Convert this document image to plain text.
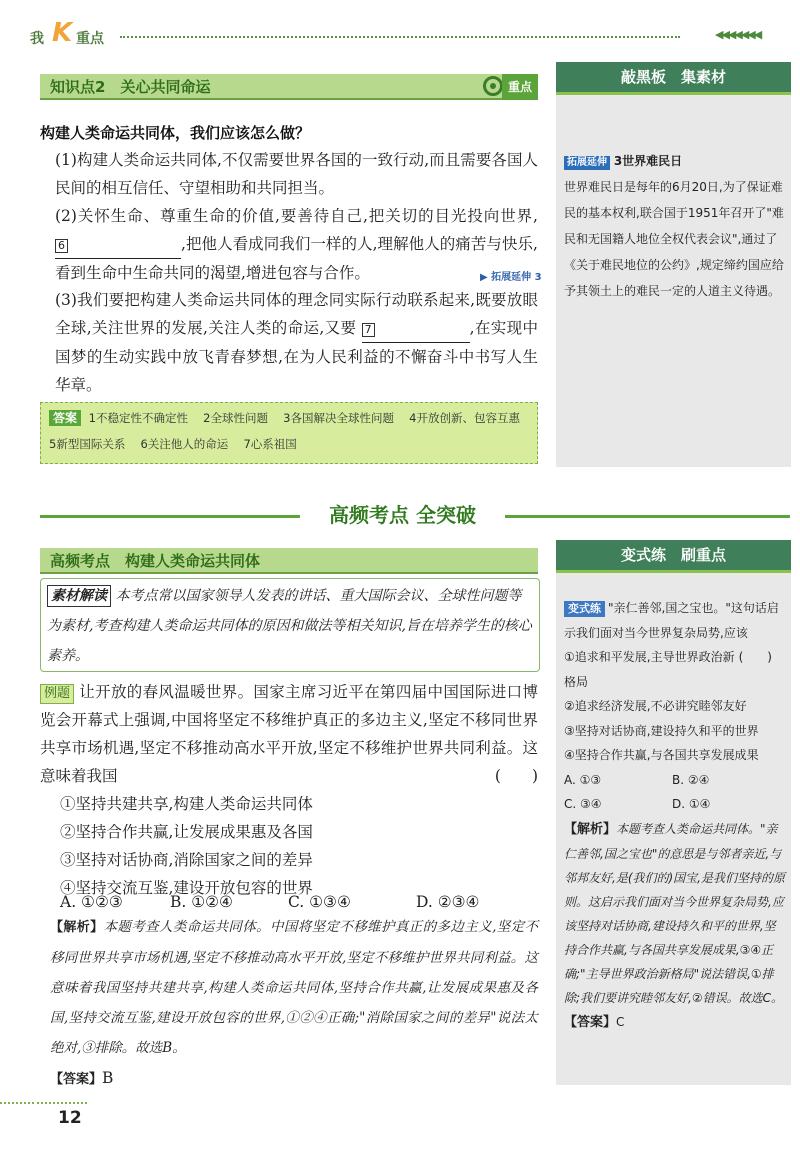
我 K 重点	◀◀◀◀◀◀◀
知识点2　关心共同命运	重点
构建人类命运共同体，我们应该怎么做？
(1)构建人类命运共同体,不仅需要世界各国的一致行动,而且需要各国人民间的相互信任、守望相助和共同担当。
(2)关怀生命、尊重生命的价值,要善待自己,把关切的目光投向世界, 6	,把他人看成同我们一样的人,理解他人的痛苦与快乐,看到生命中生命共同的渴望,增进包容与合作。	▶ 拓展延伸 3
(3)我们要把构建人类命运共同体的理念同实际行动联系起来,既要放眼全球,关注世界的发展,关注人类的命运,又要 7	,在实现中国梦的生动实践中放飞青春梦想,在为人民利益的不懈奋斗中书写人生华章。
答案 1不稳定性不确定性　 2全球性问题　 3各国解决全球性问题　 4开放创新、包容互惠　 5新型国际关系　 6关注他人的命运　 7心系祖国
敲黑板　集素材
拓展延伸 3世界难民日
世界难民日是每年的6月20日,为了保证难民的基本权利,联合国于1951年召开了"难民和无国籍人地位全权代表会议",通过了《关于难民地位的公约》,规定缔约国应给予其领土上的难民一定的人道主义待遇。
高频考点 全突破
高频考点　构建人类命运共同体
素材解读 本考点常以国家领导人发表的讲话、重大国际会议、全球性问题等为素材,考查构建人类命运共同体的原因和做法等相关知识,旨在培养学生的核心素养。
例题 让开放的春风温暖世界。国家主席习近平在第四届中国国际进口博览会开幕式上强调,中国将坚定不移维护真正的多边主义,坚定不移同世界共享市场机遇,坚定不移推动高水平开放,坚定不移维护世界共同利益。这意味着我国	(　　)
①坚持共建共享,构建人类命运共同体
②坚持合作共赢,让发展成果惠及各国
③坚持对话协商,消除国家之间的差异
④坚持交流互鉴,建设开放包容的世界
A. ①②③	B. ①②④	C. ①③④	D. ②③④
【解析】本题考查人类命运共同体。中国将坚定不移维护真正的多边主义,坚定不移同世界共享市场机遇,坚定不移推动高水平开放,坚定不移维护世界共同利益。这意味着我国坚持共建共享,构建人类命运共同体,坚持合作共赢,让发展成果惠及各国,坚持交流互鉴,建设开放包容的世界,①②④正确;"消除国家之间的差异"说法太绝对,③排除。故选B。
【答案】B
变式练　刷重点
变式练 "亲仁善邻,国之宝也。"这句话启示我们面对当今世界复杂局势,应该
(　　)

①追求和平发展,主导世界政治新格局
②追求经济发展,不必讲究睦邻友好
③坚持对话协商,建设持久和平的世界
④坚持合作共赢,与各国共享发展成果
A. ①③	B. ②④
C. ③④	D. ①④
【解析】本题考查人类命运共同体。"亲仁善邻,国之宝也"的意思是与邻者亲近,与邻邦友好,是(我们的)国宝,是我们坚持的原则。这启示我们面对当今世界复杂局势,应该坚持对话协商,建设持久和平的世界,坚持合作共赢,与各国共享发展成果,③④正确;"主导世界政治新格局"说法错误,①排除;我们要讲究睦邻友好,②错误。故选C。
【答案】C
12
